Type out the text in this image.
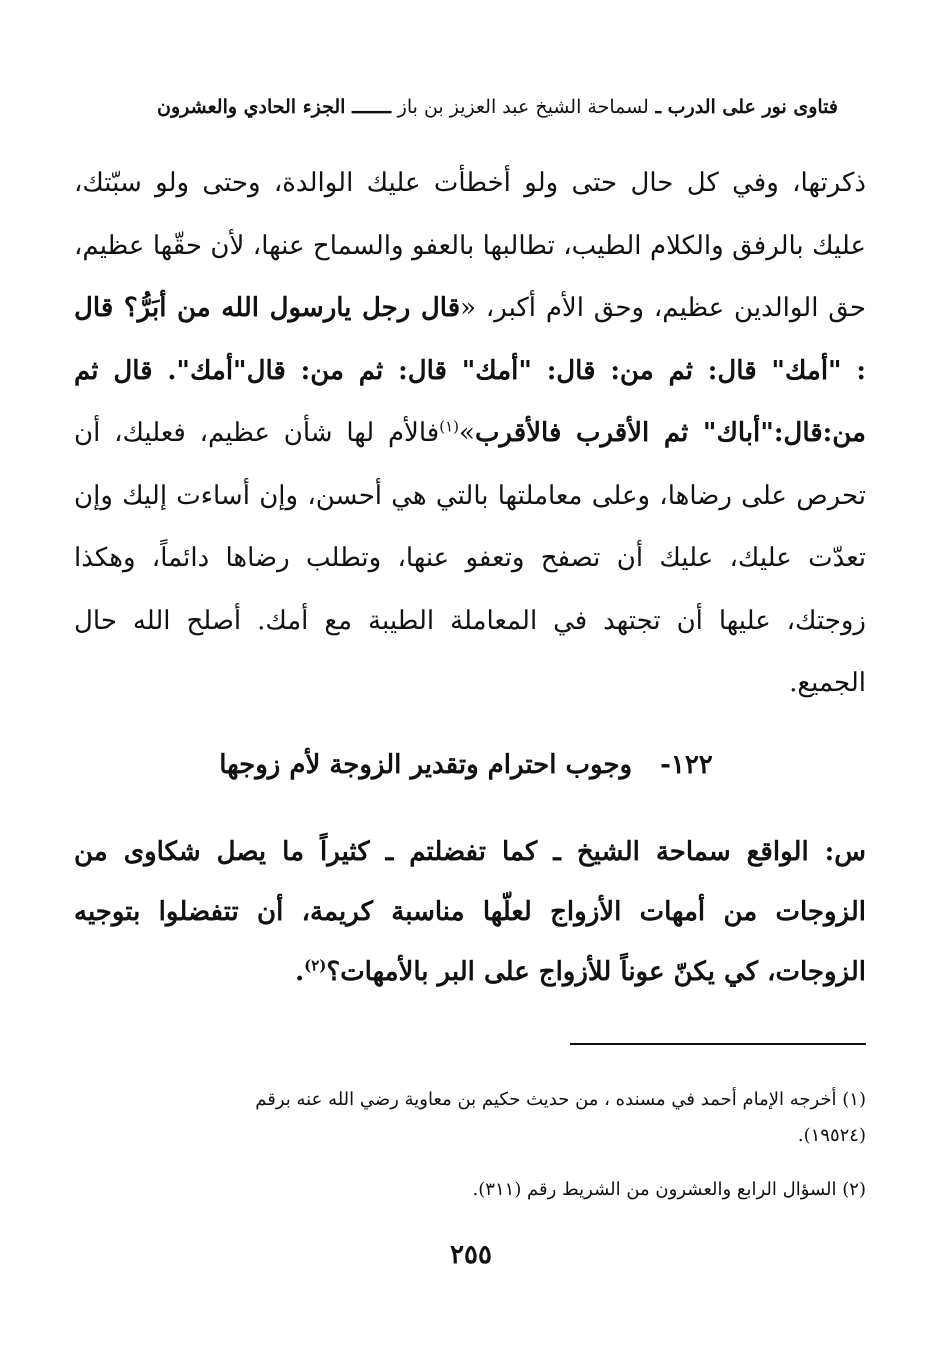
فتاوى نور على الدرب ـ لسماحة الشيخ عبد العزيز بن باز ـــــــ الجزء الحادي والعشرون
ذكرتها، وفي كل حال حتى ولو أخطأت عليك الوالدة، وحتى ولو سبّتك، عليك بالرفق والكلام الطيب، تطالبها بالعفو والسماح عنها، لأن حقّها عظيم، حق الوالدين عظيم، وحق الأم أكبر، «قال رجل يارسول الله من أبَرُّ؟ قال : "أمك" قال: ثم من: قال: "أمك" قال: ثم من: قال"أمك". قال ثم من:قال:"أباك" ثم الأقرب فالأقرب»$^{(١)}$فالأم لها شأن عظيم، فعليك، أن تحرص على رضاها، وعلى معاملتها بالتي هي أحسن، وإن أساءت إليك وإن تعدّت عليك، عليك أن تصفح وتعفو عنها، وتطلب رضاها دائماً، وهكذا زوجتك، عليها أن تجتهد في المعاملة الطيبة مع أمك. أصلح الله حال الجميع.
١٢٢-وجوب احترام وتقدير الزوجة لأم زوجها
س: الواقع سماحة الشيخ ـ كما تفضلتم ـ كثيراً ما يصل شكاوى من الزوجات من أمهات الأزواج لعلّها مناسبة كريمة، أن تتفضلوا بتوجيه الزوجات، كي يكنّ عوناً للأزواج على البر بالأمهات؟$^{(٢)}$.

(١) أخرجه الإمام أحمد في مسنده ، من حديث حكيم بن معاوية رضي الله عنه برقم
(١٩٥٢٤).

(٢) السؤال الرابع والعشرون من الشريط رقم (٣١١).

٢٥٥
